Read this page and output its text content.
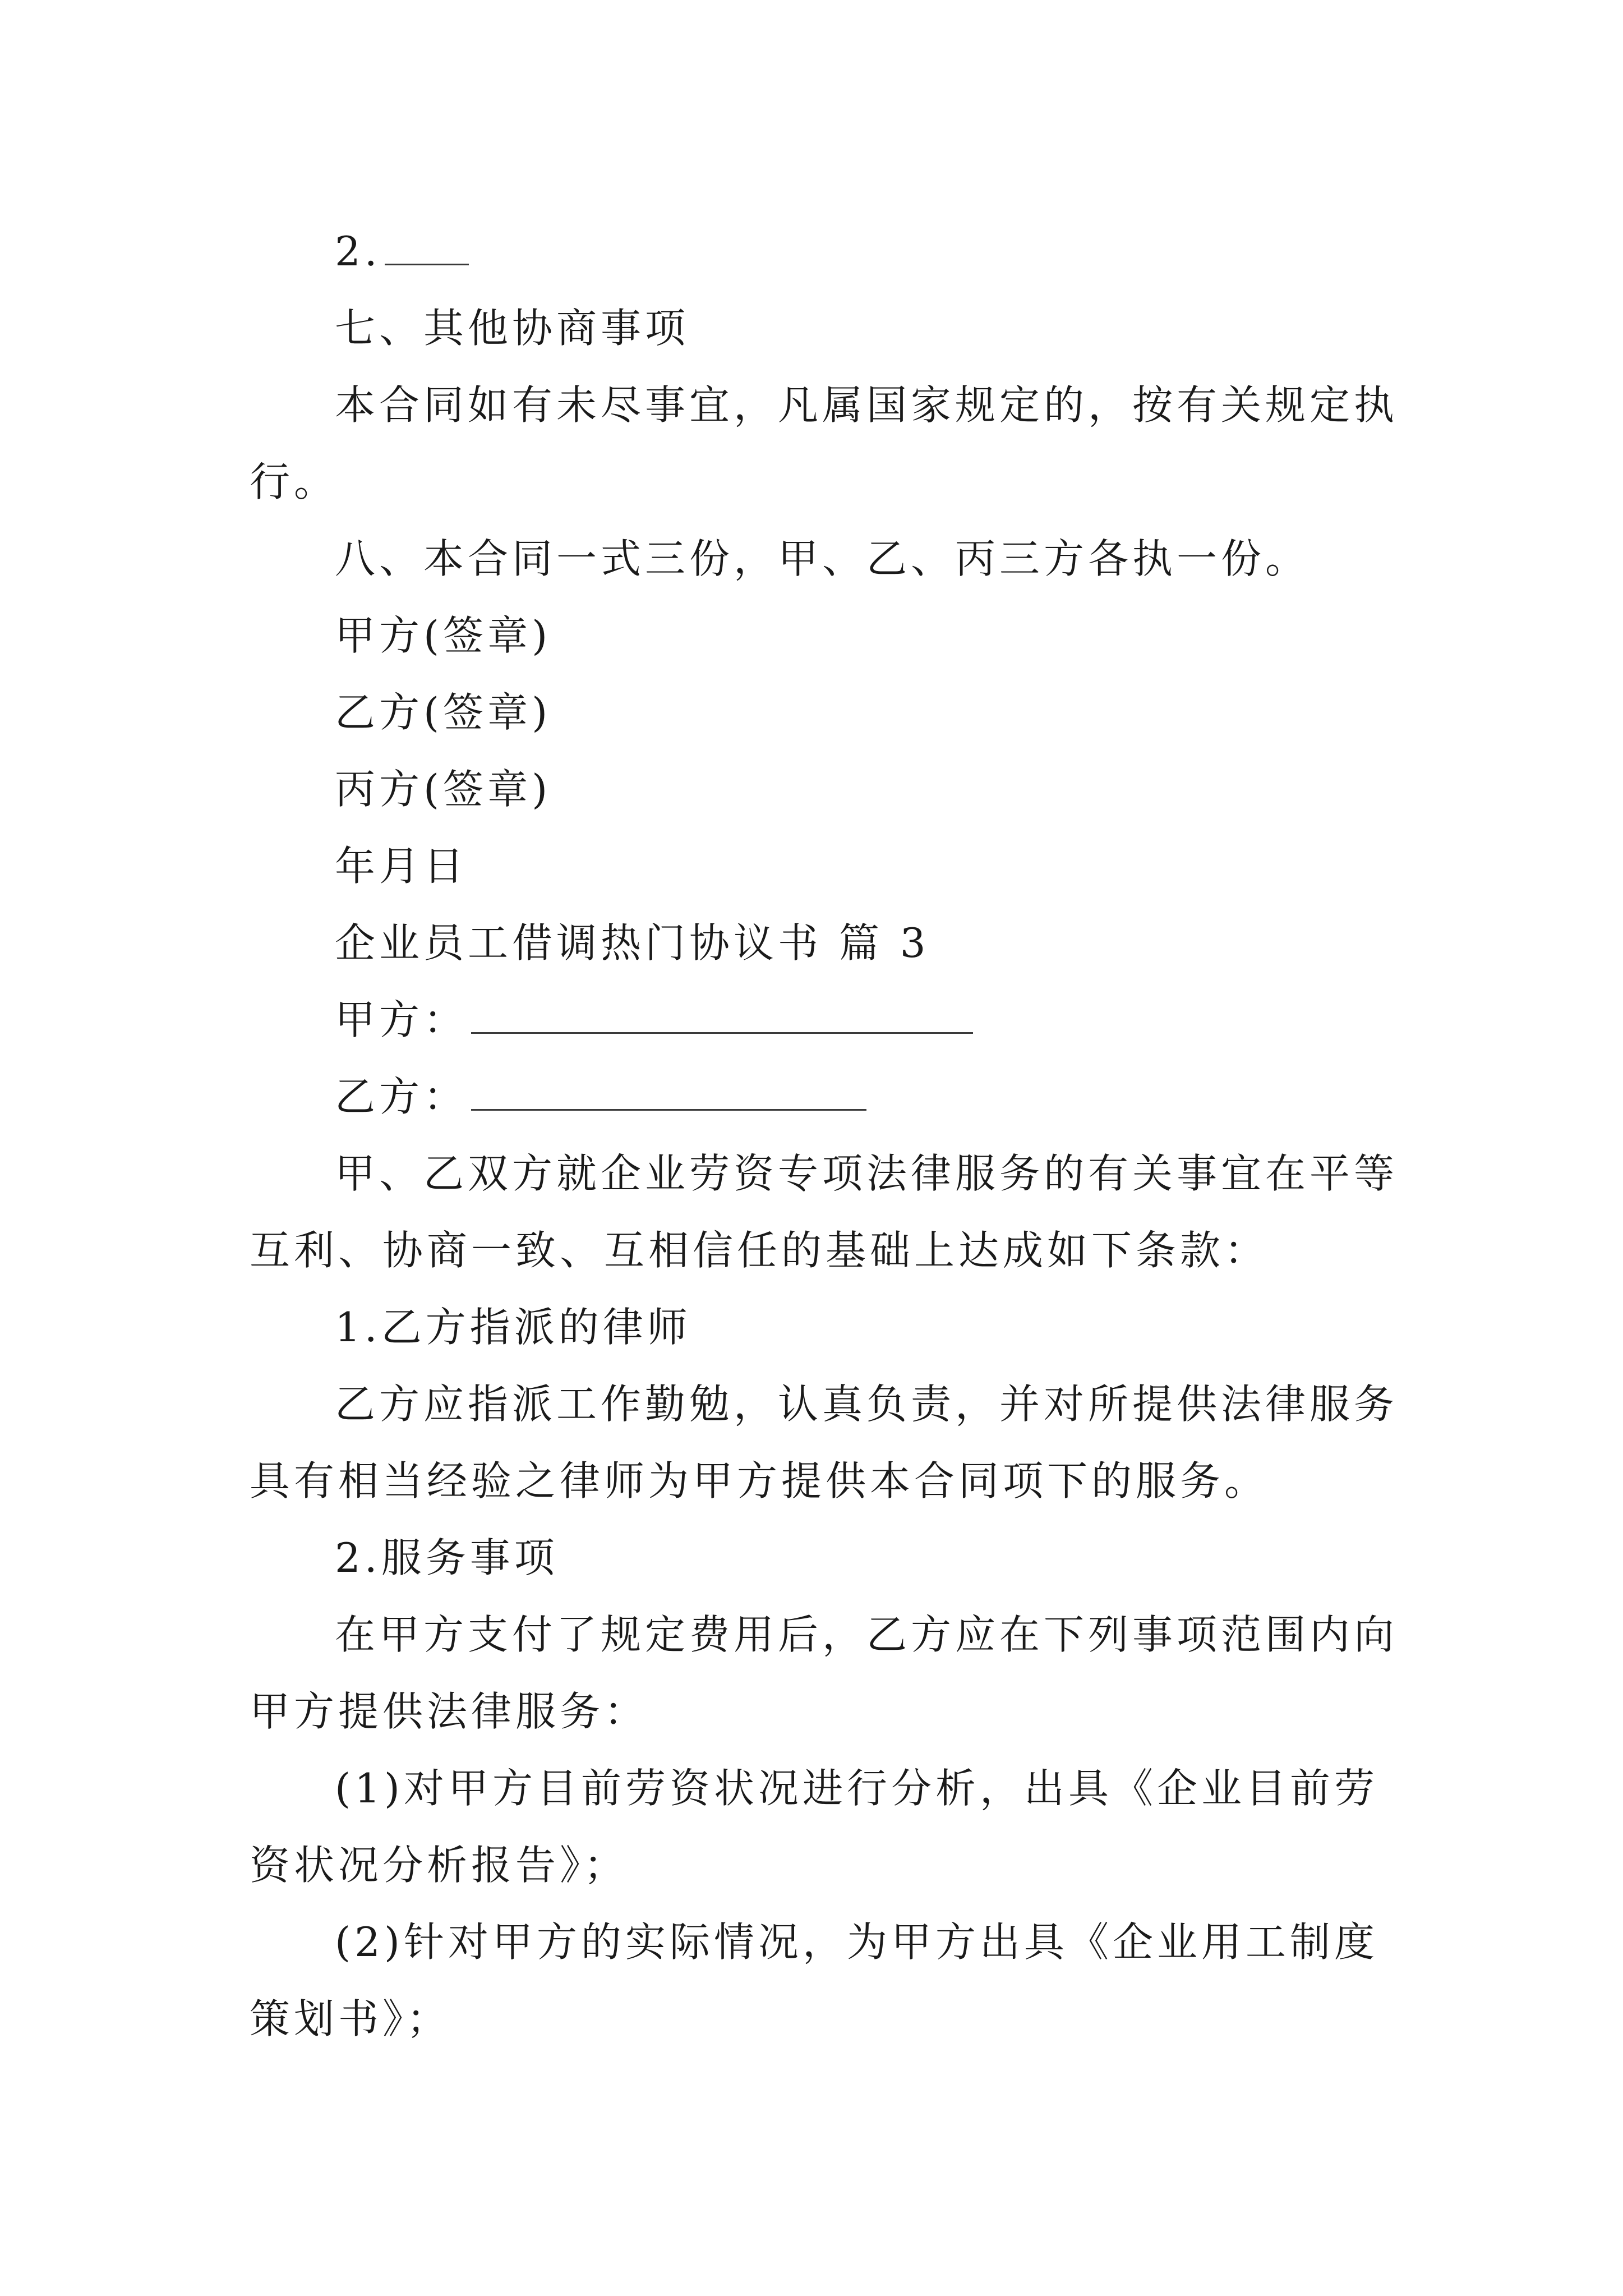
2.
七、其他协商事项
本合同如有未尽事宜，凡属国家规定的，按有关规定执
行。
八、本合同一式三份，甲、乙、丙三方各执一份。
甲方(签章)
乙方(签章)
丙方(签章)
年月日
企业员工借调热门协议书 篇 3
甲方：
乙方：
甲、乙双方就企业劳资专项法律服务的有关事宜在平等
互利、协商一致、互相信任的基础上达成如下条款：
1.乙方指派的律师
乙方应指派工作勤勉，认真负责，并对所提供法律服务
具有相当经验之律师为甲方提供本合同项下的服务。
2.服务事项
在甲方支付了规定费用后，乙方应在下列事项范围内向
甲方提供法律服务：
(1)对甲方目前劳资状况进行分析，出具《企业目前劳
资状况分析报告》；
(2)针对甲方的实际情况，为甲方出具《企业用工制度
策划书》；
